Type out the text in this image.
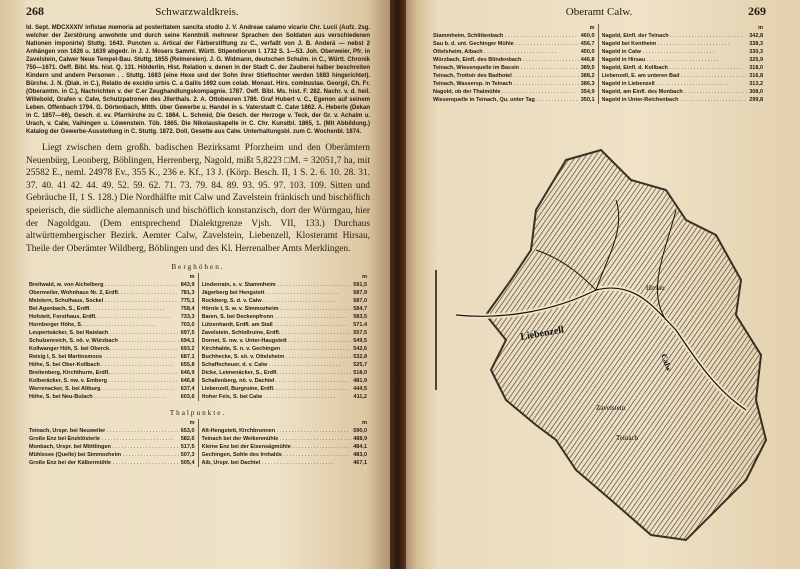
268	Schwarzwaldkreis.
Id. Sept. MDCXXXIV infistae memoria ad posteritatem sancita studio J. V. Andreae calamo vicario Chr. Lucii (Aufz. 2sg. welcher der Zerstörung anwohnte und durch seine Kenntniß mehrerer Sprachen den Soldaten aus verschiedenen Nationen imponirte) Stuttg. 1643. Puncten u. Artical der Färberstiftung zu C., verfaßt von J. B. Anderä — nebst 2 Anhängen von 1626 u. 1639 abgedr. in J. J. Mosers Samml. Württ. Stipendiorum I. 1732 S. 1—53. Joh. Oberweier, Pfr. in Zavelstein, Calwer Neue Tempel-Bau. Stuttg. 1655 (Reimereien). J. G. Widmann, deutschen Schulm. in C., Württ. Chronik 750—1671. Oeff. Bibl. Ms. hist. Q. 131. Hölderlin, Hist. Relation v. denen in der Stadt C. der Zauberei halber beschreiten Kindern und andern Personen . . Stuttg. 1683 (eine Hexe und der Sohn ihrer Stieftochter werden 1683 hingerichtet). Bürche. J. N. (Diak. in C.), Relatio de excidio urbis C. a Gallis 1692 cum colab. Monast. Hirs. combustae. Georgii, Ch. Fr. (Oberamtm. in C.), Nachrichten v. der C.er Zeughandlungskompagnie. 1787. Oeff. Bibl. Ms. hist. F. 282. Nachr. v. d. heil. Willebold, Grafen v. Calw, Schutzpatronen des Jllerthals. 2. A. Ottobeuren 1786. Graf Hubert v. C., Egenon auf seinem Leben. Offenbach 1794. G. Dörtenbach, Mitth. über Gewerbe u. Handel in s. Vaterstadt C. Calw 1862. A. Heberle (Dekan in C. 1857—66), Gesch. d. ev. Pfarrkirche zu C. 1864. L. Schmid, Die Gesch. der Herzoge v. Teck, der Gr. v. Achalm u. Urach, v. Calw, Vaihingen u. Löwenstein. Tüb. 1865. Die Nikolauskapelle in C. Chr. Kunstbl. 1865, 1. (Mit Abbildung.) Katalog der Gewerbe-Ausstellung in C. Stuttg. 1872. Doll, Gesette aus Calw. Unterhaltungsbl. zum C. Wochenbl. 1874.
Liegt zwischen dem großh. badischen Bezirksamt Pforzheim und den Oberämtern Neuenbürg, Leonberg, Böblingen, Herrenberg, Nagold, mißt 5,8223 □M. = 32051,7 ha, mit 25582 E., neml. 24978 Ev., 355 K., 236 e. Kf., 13 J. (Körp. Besch. II, 1 S. 2. 6. 10. 28. 31. 37. 40. 41 42. 44. 49. 52. 59. 62. 71. 73. 79. 84. 89. 93. 95. 97. 103. 109. Sitten und Gebräuche II, 1 S. 128.) Die Nordhälfte mit Calw und Zavelstein fränkisch und bischöflich speierisch, die südliche alemannisch und bischöflich konstanzisch, dort der Würmgau, hier der Nagoldgau. (Dem entsprechend Dialektgrenze Vjsh. VII, 133.) Durchaus altwürttembergischer Bezirk. Aemter Calw, Zavelstein, Liebenzell, Klosteramt Hirsau, Theile der Oberämter Wildberg, Böblingen und des Kl. Herrenalber Amts Merklingen.
Berghöhen.
m
Breitwald, w. von Aichelberg . . .	843,9
Obermeiler, Wohnhaus Nr. 2, Erdfl. . . .	781,3
Meistern, Schulhaus, Sockel . . .	775,1
Bei Agenbach, S., Erdfl. . . .	758,4
Hofstett, Forsthaus, Erdfl. . . .	733,3
Hornberger Höhe, S. . . .	703,0
Leupertsäcker, S. bei Naislach . . .	697,5
Schulzenreich, S. nö. v. Würzbach . . .	694,1
Kollwanger Höh, S. bei Oberck. . . .	693,2
Reisig I, S. bei Martinsmoos . . .	687,1
Höhe, S. bei Ober-Kollbach . . .	655,8
Breitenberg, Kirchthurm, Erdfl. . . .	646,9
Kolberäcker, S. nw. v. Emberg . . .	646,8
Werrenacker, S. bei Altburg . . .	637,4
Höhe, S. bei Neu-Bulach . . .	603,6
m
Lindenrain, s. v. Stammheim . . .	591,5
Jägerberg bei Hengstett . . .	587,9
Ruckberg, S. d. v. Calw . . .	587,0
Hörnle I, S. w. v. Simmozheim . . .	584,7
Baren, S. bei Deckenpfronn . . .	583,5
Lützenhardt, Erdfl. am Stall . . .	571,4
Zavelstein, Schloßruine, Erdfl. . . .	557,5
Dornet, S. nw. v. Unter-Haugstett . . .	549,5
Kirchhalde, S. n. v. Gechingen . . .	542,6
Buchhecke, S. sö. v. Ottelsheim . . .	532,8
Schaffscheuer, d. v. Calw . . .	525,7
Dicke, Leimenäcker, S., Erdfl. . . .	518,0
Schallenberg, nö. v. Dachtel . . .	481,9
Liebenzell, Burgruine, Erdfl. . . .	444,5
Hoher Fels, S. bei Calw . . .	411,2
Thalpunkte.
m
Teinach, Urspr. bei Neuweiler . . .	653,0
Große Enz bei Enzklösterle . . .	582,6
Monbach, Urspr. bei Möttlingen . . .	517,5
Mühlesee (Quelle) bei Simmozheim . . .	507,3
Große Enz bei der Kälbermühle . . .	505,4
m
Alt-Hengstett, Kirchbrunnen . . .	590,0
Teinach bei der Weikenmühle . . .	488,9
Kleine Enz bei der Eisensägmühle . . .	484,1
Gechingen, Sohle des Irnhalds . . .	483,0
Aib, Urspr. bei Dachtel . . .	467,1
Oberamt Calw.	269
m
Stammheim, Schlittenbach . . .	460,0
Sau b. d. unt. Gechinger Mühle . . .	456,7
Ottelsheim, Aibach . . .	450,0
Würzbach, Einfl. des Blindenbach . . .	446,8
Teinach, Wiesenquelle im Bassin . . .	389,5
Teinach, Trottoir des Badhotel . . .	388,2
Teinach, Wassersp. in Teinach . . .	386,3
Nagold, ob der Thalmühle . . .	354,9
Wiesenquelle in Teinach, Qu. unter Tag . . .	350,1
m
Nagold, Einfl. der Teinach . . .	342,8
Nagold bei Kentheim . . .	338,3
Nagold in Calw . . .	330,3
Nagold in Hirsau . . .	325,9
Nagold, Einfl. d. Kollbach . . .	318,0
Liebenzell, E. am unteren Bad . . .	316,8
Nagold in Liebenzell . . .	313,2
Nagold, am Einfl. des Monbach . . .	308,0
Nagold in Unter-Reichenbach . . .	299,8
Liebenzell
Calw
Hirsau
Zavelstein
Teinach
